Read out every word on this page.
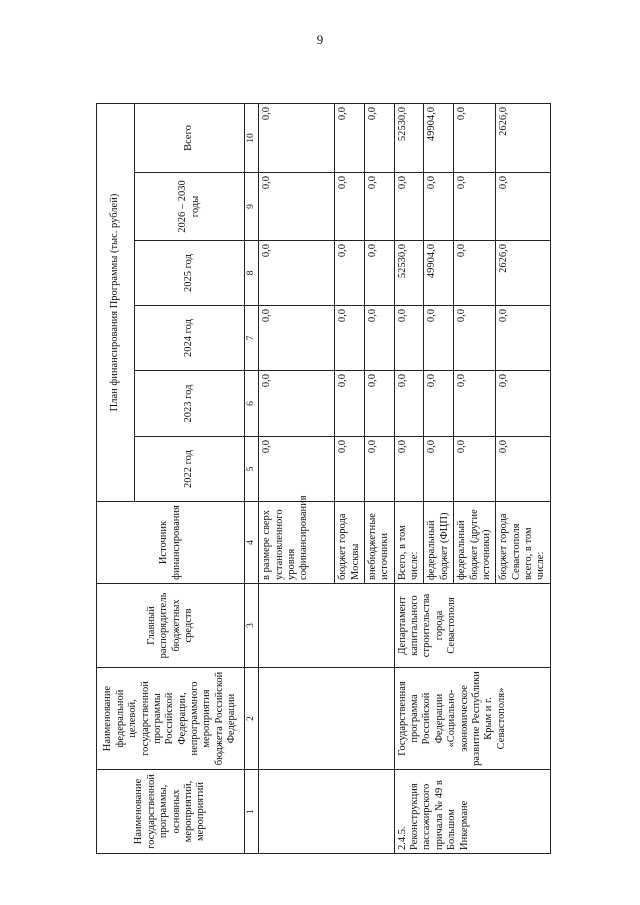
9
Наименование государственной программы, основных мероприятий, мероприятий	Наименование федеральной целевой, государственной программы Российской Федерации, непрограммного мероприятия бюджета Российской Федерации	Главный распорядитель бюджетных средств	Источник финансирования	План финансирования Программы (тыс. рублей)					
				2022 год	2023 год	2024 год	2025 год	2026 – 2030 годы	Всего
1	2	3	4	5	6	7	8	9	10
			в размере сверх установленного уровня софинансирования	0,0	0,0	0,0	0,0	0,0	0,0
			бюджет города Москвы	0,0	0,0	0,0	0,0	0,0	0,0
			внебюджетные источники	0,0	0,0	0,0	0,0	0,0	0,0
2.4.5. Реконструкция пассажирского причала № 49 в Большом Инкермане	Государственная программа Российской Федерации «Социально-экономическое развитие Республики Крым и г. Севастополя»	Департамент капитального строительства города Севастополя	Всего, в том числе:	0,0	0,0	0,0	52530,0	0,0	52530,0
			федеральный бюджет (ФЦП)	0,0	0,0	0,0	49904,0	0,0	49904,0
			федеральный бюджет (другие источники)	0,0	0,0	0,0	0,0	0,0	0,0
			бюджет города Севастополя всего, в том числе:	0,0	0,0	0,0	2626,0	0,0	2626,0
